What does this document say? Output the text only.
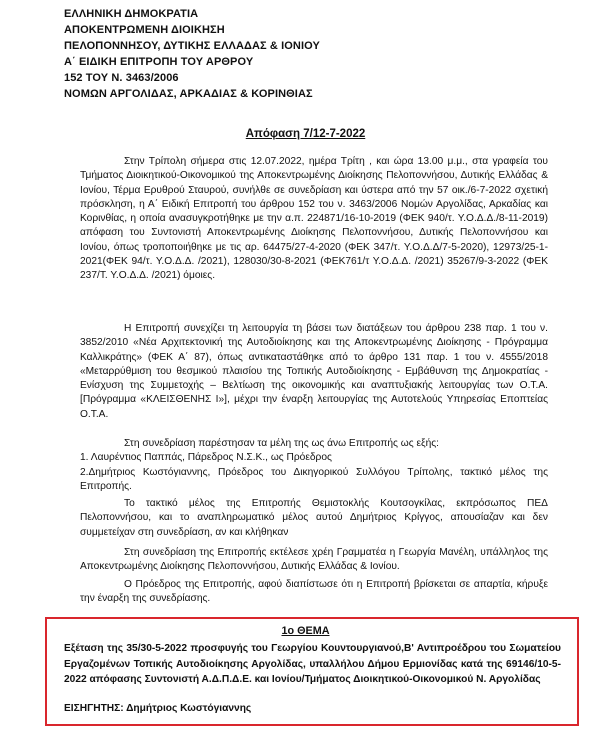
ΕΛΛΗΝΙΚΗ ΔΗΜΟΚΡΑΤΙΑ
ΑΠΟΚΕΝΤΡΩΜΕΝΗ ΔΙΟΙΚΗΣΗ
ΠΕΛΟΠΟΝΝΗΣΟΥ, ΔΥΤΙΚΗΣ ΕΛΛΑΔΑΣ & ΙΟΝΙΟΥ
Α΄ ΕΙΔΙΚΗ ΕΠΙΤΡΟΠΗ ΤΟΥ ΑΡΘΡΟΥ
152 ΤΟΥ Ν. 3463/2006
ΝΟΜΩΝ ΑΡΓΟΛΙΔΑΣ, ΑΡΚΑΔΙΑΣ & ΚΟΡΙΝΘΙΑΣ
Απόφαση 7/12-7-2022

Στην Τρίπολη σήμερα στις 12.07.2022, ημέρα Τρίτη , και ώρα 13.00 μ.μ., στα γραφεία του Τμήματος Διοικητικού-Οικονομικού της Αποκεντρωμένης Διοίκησης Πελοποννήσου, Δυτικής Ελλάδας & Ιονίου, Τέρμα Ερυθρού Σταυρού, συνήλθε σε συνεδρίαση και ύστερα από την 57 οικ./6-7-2022 σχετική πρόσκληση, η Α΄ Ειδική Επιτροπή του άρθρου 152 του ν. 3463/2006 Νομών Αργολίδας, Αρκαδίας και Κορινθίας, η οποία ανασυγκροτήθηκε με την α.π. 224871/16-10-2019 (ΦΕΚ 940/τ. Υ.Ο.Δ.Δ./8-11-2019) απόφαση του Συντονιστή Αποκεντρωμένης Διοίκησης Πελοποννήσου, Δυτικής Πελοποννήσου και Ιονίου, όπως τροποποιήθηκε με τις αρ. 64475/27-4-2020 (ΦΕΚ 347/τ. Υ.Ο.Δ.Δ/7-5-2020), 12973/25-1-2021(ΦΕΚ 94/τ. Υ.Ο.Δ.Δ. /2021), 128030/30-8-2021 (ΦΕΚ761/τ Υ.Ο.Δ.Δ. /2021) 35267/9-3-2022 (ΦΕΚ 237/Τ. Υ.Ο.Δ.Δ. /2021) όμοιες.

Η Επιτροπή συνεχίζει τη λειτουργία τη βάσει των διατάξεων του άρθρου 238 παρ. 1 του ν. 3852/2010 «Νέα Αρχιτεκτονική της Αυτοδιοίκησης και της Αποκεντρωμένης Διοίκησης - Πρόγραμμα Καλλικράτης» (ΦΕΚ Α΄ 87), όπως αντικαταστάθηκε από το άρθρο 131 παρ. 1 του ν. 4555/2018 «Μεταρρύθμιση του θεσμικού πλαισίου της Τοπικής Αυτοδιοίκησης - Εμβάθυνση της Δημοκρατίας - Ενίσχυση της Συμμετοχής – Βελτίωση της οικονομικής και αναπτυξιακής λειτουργίας των Ο.Τ.Α. [Πρόγραμμα «ΚΛΕΙΣΘΕΝΗΣ Ι»], μέχρι την έναρξη λειτουργίας της Αυτοτελούς Υπηρεσίας Εποπτείας Ο.Τ.Α.

Στη συνεδρίαση παρέστησαν τα μέλη της ως άνω Επιτροπής ως εξής:

1. Λαυρέντιος Παππάς, Πάρεδρος Ν.Σ.Κ., ως Πρόεδρος

2.Δημήτριος Κωστόγιαννης, Πρόεδρος του Δικηγορικού Συλλόγου Τρίπολης, τακτικό μέλος της Επιτροπής.

Το τακτικό μέλος της Επιτροπής Θεμιστοκλής Κουτσογκίλας, εκπρόσωπος ΠΕΔ Πελοποννήσου, και το αναπληρωματικό μέλος αυτού Δημήτριος Κρίγγος, απουσίαζαν και δεν συμμετείχαν στη συνεδρίαση, αν και κλήθηκαν

Στη συνεδρίαση της Επιτροπής εκτέλεσε χρέη Γραμματέα η Γεωργία Μανέλη, υπάλληλος της Αποκεντρωμένης Διοίκησης Πελοποννήσου, Δυτικής Ελλάδας & Ιονίου.

Ο Πρόεδρος της Επιτροπής, αφού διαπίστωσε ότι η Επιτροπή βρίσκεται σε απαρτία, κήρυξε την έναρξη της συνεδρίασης.

1ο ΘΕΜΑ

Εξέταση της 35/30-5-2022 προσφυγής του Γεωργίου Κουντουργιανού,Β' Αντιπροέδρου του Σωματείου Εργαζομένων Τοπικής Αυτοδιοίκησης Αργολίδας, υπαλλήλου Δήμου Ερμιονίδας κατά της 69146/10-5-2022 απόφασης Συντονιστή Α.Δ.Π.Δ.Ε. και Ιονίου/Τμήματος Διοικητικού-Οικονομικού Ν. Αργολίδας

ΕΙΣΗΓΗΤΗΣ: Δημήτριος Κωστόγιαννης
